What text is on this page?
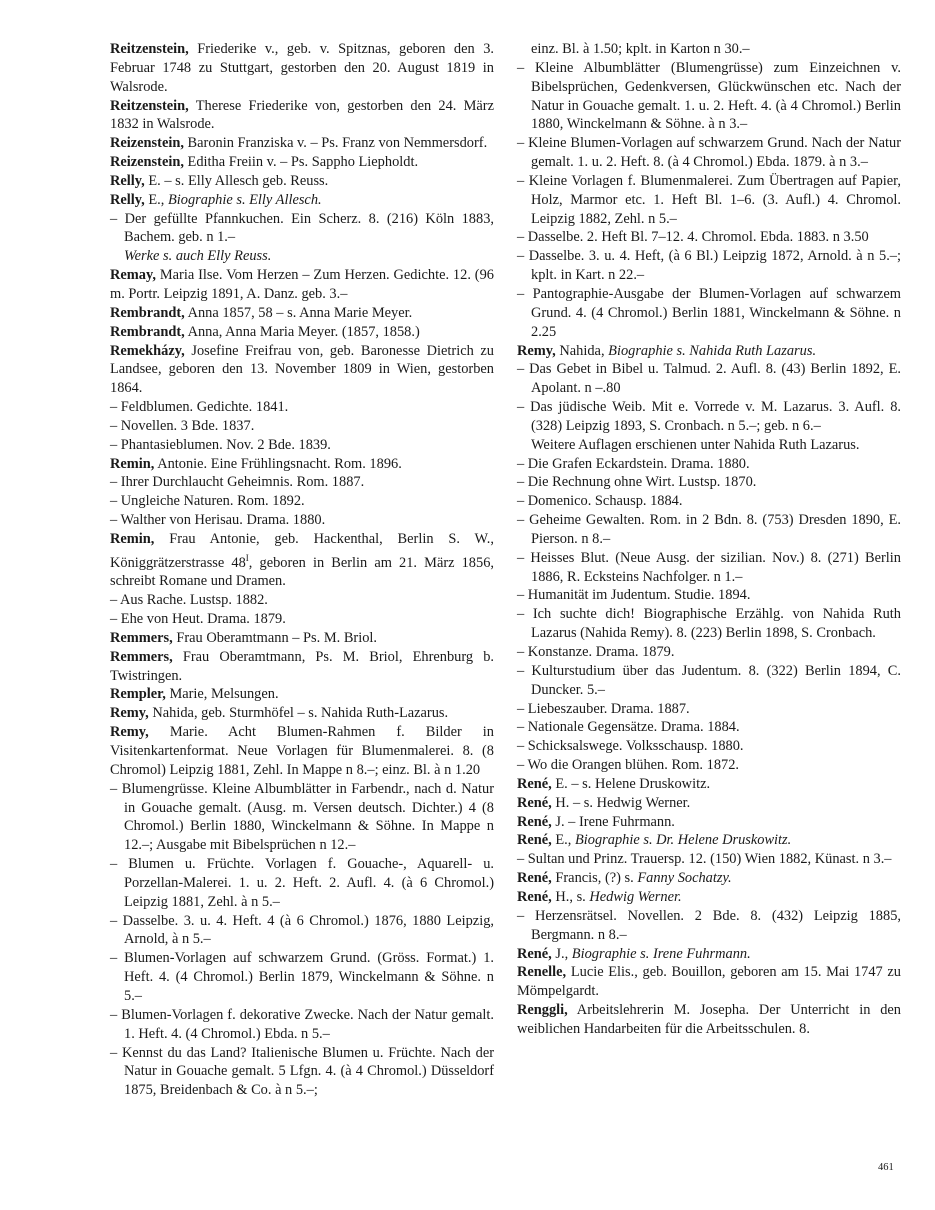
Reitzenstein, Friederike v., geb. v. Spitznas, geboren den 3. Februar 1748 zu Stuttgart, gestorben den 20. August 1819 in Walsrode.
Reitzenstein, Therese Friederike von, gestorben den 24. März 1832 in Walsrode.
Reizenstein, Baronin Franziska v. – Ps. Franz von Nemmersdorf.
Reizenstein, Editha Freiin v. – Ps. Sappho Liepholdt.
Relly, E. – s. Elly Allesch geb. Reuss.
Relly, E., Biographie s. Elly Allesch.
– Der gefüllte Pfannkuchen. Ein Scherz. 8. (216) Köln 1883, Bachem. geb. n 1.–
Werke s. auch Elly Reuss.
Remay, Maria Ilse. Vom Herzen – Zum Herzen. Gedichte. 12. (96 m. Portr. Leipzig 1891, A. Danz. geb. 3.–
Rembrandt, Anna 1857, 58 – s. Anna Marie Meyer.
Rembrandt, Anna, Anna Maria Meyer. (1857, 1858.)
Remekházy, Josefine Freifrau von, geb. Baronesse Dietrich zu Landsee, geboren den 13. November 1809 in Wien, gestorben 1864.
– Feldblumen. Gedichte. 1841.
– Novellen. 3 Bde. 1837.
– Phantasieblumen. Nov. 2 Bde. 1839.
Remin, Antonie. Eine Frühlingsnacht. Rom. 1896.
– Ihrer Durchlaucht Geheimnis. Rom. 1887.
– Ungleiche Naturen. Rom. 1892.
– Walther von Herisau. Drama. 1880.
Remin, Frau Antonie, geb. Hackenthal, Berlin S. W., Königgrätzerstrasse $48^I$, geboren in Berlin am 21. März 1856, schreibt Romane und Dramen.
– Aus Rache. Lustsp. 1882.
– Ehe von Heut. Drama. 1879.
Remmers, Frau Oberamtmann – Ps. M. Briol.
Remmers, Frau Oberamtmann, Ps. M. Briol, Ehrenburg b. Twistringen.
Rempler, Marie, Melsungen.
Remy, Nahida, geb. Sturmhöfel – s. Nahida Ruth-Lazarus.
Remy, Marie. Acht Blumen-Rahmen f. Bilder in Visitenkartenformat. Neue Vorlagen für Blumenmalerei. 8. (8 Chromol) Leipzig 1881, Zehl. In Mappe n 8.–; einz. Bl. à n 1.20
– Blumengrüsse. Kleine Albumblätter in Farbendr., nach d. Natur in Gouache gemalt. (Ausg. m. Versen deutsch. Dichter.) 4 (8 Chromol.) Berlin 1880, Winckelmann & Söhne. In Mappe n 12.–; Ausgabe mit Bibelsprüchen n 12.–
– Blumen u. Früchte. Vorlagen f. Gouache-, Aquarell- u. Porzellan-Malerei. 1. u. 2. Heft. 2. Aufl. 4. (à 6 Chromol.) Leipzig 1881, Zehl. à n 5.–
– Dasselbe. 3. u. 4. Heft. 4 (à 6 Chromol.) 1876, 1880 Leipzig, Arnold, à n 5.–
– Blumen-Vorlagen auf schwarzem Grund. (Gröss. Format.) 1. Heft. 4. (4 Chromol.) Berlin 1879, Winckelmann & Söhne. n 5.–
– Blumen-Vorlagen f. dekorative Zwecke. Nach der Natur gemalt. 1. Heft. 4. (4 Chromol.) Ebda. n 5.–
– Kennst du das Land? Italienische Blumen u. Früchte. Nach der Natur in Gouache gemalt. 5 Lfgn. 4. (à 4 Chromol.) Düsseldorf 1875, Breidenbach & Co. à n 5.–;
einz. Bl. à 1.50; kplt. in Karton n 30.–
– Kleine Albumblätter (Blumengrüsse) zum Einzeichnen v. Bibelsprüchen, Gedenkversen, Glückwünschen etc. Nach der Natur in Gouache gemalt. 1. u. 2. Heft. 4. (à 4 Chromol.) Berlin 1880, Winckelmann & Söhne. à n 3.–
– Kleine Blumen-Vorlagen auf schwarzem Grund. Nach der Natur gemalt. 1. u. 2. Heft. 8. (à 4 Chromol.) Ebda. 1879. à n 3.–
– Kleine Vorlagen f. Blumenmalerei. Zum Übertragen auf Papier, Holz, Marmor etc. 1. Heft Bl. 1–6. (3. Aufl.) 4. Chromol. Leipzig 1882, Zehl. n 5.–
– Dasselbe. 2. Heft Bl. 7–12. 4. Chromol. Ebda. 1883. n 3.50
– Dasselbe. 3. u. 4. Heft, (à 6 Bl.) Leipzig 1872, Arnold. à n 5.–; kplt. in Kart. n 22.–
– Pantographie-Ausgabe der Blumen-Vorlagen auf schwarzem Grund. 4. (4 Chromol.) Berlin 1881, Winckelmann & Söhne. n 2.25
Remy, Nahida, Biographie s. Nahida Ruth Lazarus.
– Das Gebet in Bibel u. Talmud. 2. Aufl. 8. (43) Berlin 1892, E. Apolant. n –.80
– Das jüdische Weib. Mit e. Vorrede v. M. Lazarus. 3. Aufl. 8. (328) Leipzig 1893, S. Cronbach. n 5.–; geb. n 6.–
Weitere Auflagen erschienen unter Nahida Ruth Lazarus.
– Die Grafen Eckardstein. Drama. 1880.
– Die Rechnung ohne Wirt. Lustsp. 1870.
– Domenico. Schausp. 1884.
– Geheime Gewalten. Rom. in 2 Bdn. 8. (753) Dresden 1890, E. Pierson. n 8.–
– Heisses Blut. (Neue Ausg. der sizilian. Nov.) 8. (271) Berlin 1886, R. Ecksteins Nachfolger. n 1.–
– Humanität im Judentum. Studie. 1894.
– Ich suchte dich! Biographische Erzählg. von Nahida Ruth Lazarus (Nahida Remy). 8. (223) Berlin 1898, S. Cronbach.
– Konstanze. Drama. 1879.
– Kulturstudium über das Judentum. 8. (322) Berlin 1894, C. Duncker. 5.–
– Liebeszauber. Drama. 1887.
– Nationale Gegensätze. Drama. 1884.
– Schicksalswege. Volksschausp. 1880.
– Wo die Orangen blühen. Rom. 1872.
René, E. – s. Helene Druskowitz.
René, H. – s. Hedwig Werner.
René, J. – Irene Fuhrmann.
René, E., Biographie s. Dr. Helene Druskowitz.
– Sultan und Prinz. Trauersp. 12. (150) Wien 1882, Künast. n 3.–
René, Francis, (?) s. Fanny Sochatzy.
René, H., s. Hedwig Werner.
– Herzensrätsel. Novellen. 2 Bde. 8. (432) Leipzig 1885, Bergmann. n 8.–
René, J., Biographie s. Irene Fuhrmann.
Renelle, Lucie Elis., geb. Bouillon, geboren am 15. Mai 1747 zu Mömpelgardt.
Renggli, Arbeitslehrerin M. Josepha. Der Unterricht in den weiblichen Handarbeiten für die Arbeitsschulen. 8.
461
